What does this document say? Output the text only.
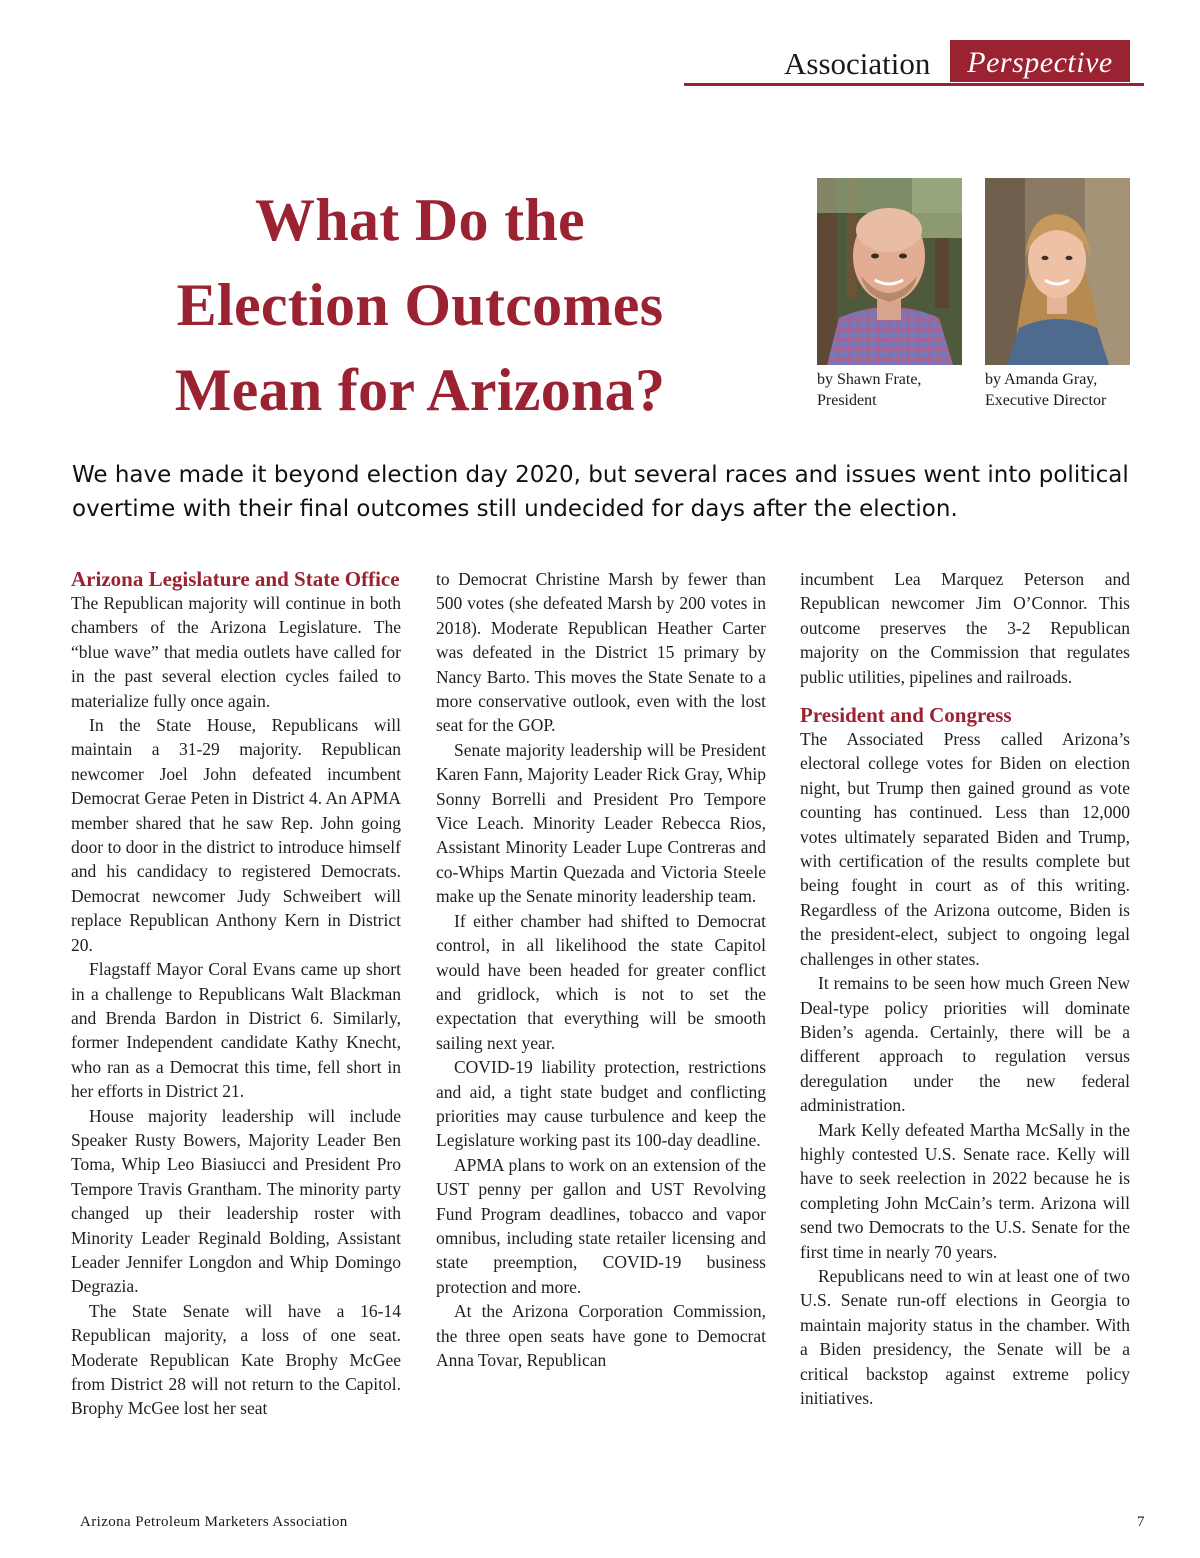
Association	Perspective
What Do the
Election Outcomes
Mean for Arizona?	by Shawn Frate,
President
by Amanda Gray,
Executive Director
We have made it beyond election day 2020, but several races and issues went into political
overtime with their final outcomes still undecided for days after the election.
Arizona Legislature and State Office

The Republican majority will continue in both chambers of the Arizona Legislature. The “blue wave” that media outlets have called for in the past several election cycles failed to materialize fully once again.

In the State House, Republicans will maintain a 31-29 majority. Republican newcomer Joel John defeated incumbent Democrat Gerae Peten in District 4. An APMA member shared that he saw Rep. John going door to door in the district to introduce himself and his candidacy to registered Democrats. Democrat newcomer Judy Schweibert will replace Republican Anthony Kern in District 20.

Flagstaff Mayor Coral Evans came up short in a challenge to Republicans Walt Blackman and Brenda Bardon in District 6. Similarly, former Independent candidate Kathy Knecht, who ran as a Democrat this time, fell short in her efforts in District 21.

House majority leadership will include Speaker Rusty Bowers, Majority Leader Ben Toma, Whip Leo Biasiucci and President Pro Tempore Travis Grantham. The minority party changed up their leadership roster with Minority Leader Reginald Bolding, Assistant Leader Jennifer Longdon and Whip Domingo Degrazia.

The State Senate will have a 16-14 Republican majority, a loss of one seat. Moderate Republican Kate Brophy McGee from District 28 will not return to the Capitol. Brophy McGee lost her seat

to Democrat Christine Marsh by fewer than 500 votes (she defeated Marsh by 200 votes in 2018). Moderate Republican Heather Carter was defeated in the District 15 primary by Nancy Barto. This moves the State Senate to a more conservative outlook, even with the lost seat for the GOP.

Senate majority leadership will be President Karen Fann, Majority Leader Rick Gray, Whip Sonny Borrelli and President Pro Tempore Vice Leach. Minority Leader Rebecca Rios, Assistant Minority Leader Lupe Contreras and co-Whips Martin Quezada and Victoria Steele make up the Senate minority leadership team.

If either chamber had shifted to Democrat control, in all likelihood the state Capitol would have been headed for greater conflict and gridlock, which is not to set the expectation that everything will be smooth sailing next year.

COVID-19 liability protection, restrictions and aid, a tight state budget and conflicting priorities may cause turbulence and keep the Legislature working past its 100-day deadline.

APMA plans to work on an extension of the UST penny per gallon and UST Revolving Fund Program deadlines, tobacco and vapor omnibus, including state retailer licensing and state preemption, COVID-19 business protection and more.

At the Arizona Corporation Commission, the three open seats have gone to Democrat Anna Tovar, Republican

incumbent Lea Marquez Peterson and Republican newcomer Jim O’Connor. This outcome preserves the 3-2 Republican majority on the Commission that regulates public utilities, pipelines and railroads.

President and Congress

The Associated Press called Arizona’s electoral college votes for Biden on election night, but Trump then gained ground as vote counting has continued. Less than 12,000 votes ultimately separated Biden and Trump, with certification of the results complete but being fought in court as of this writing. Regardless of the Arizona outcome, Biden is the president-elect, subject to ongoing legal challenges in other states.

It remains to be seen how much Green New Deal-type policy priorities will dominate Biden’s agenda. Certainly, there will be a different approach to regulation versus deregulation under the new federal administration.

Mark Kelly defeated Martha McSally in the highly contested U.S. Senate race. Kelly will have to seek reelection in 2022 because he is completing John McCain’s term. Arizona will send two Democrats to the U.S. Senate for the first time in nearly 70 years.

Republicans need to win at least one of two U.S. Senate run-off elections in Georgia to maintain majority status in the chamber. With a Biden presidency, the Senate will be a critical backstop against extreme policy initiatives.

Arizona Petroleum Marketers Association	7
